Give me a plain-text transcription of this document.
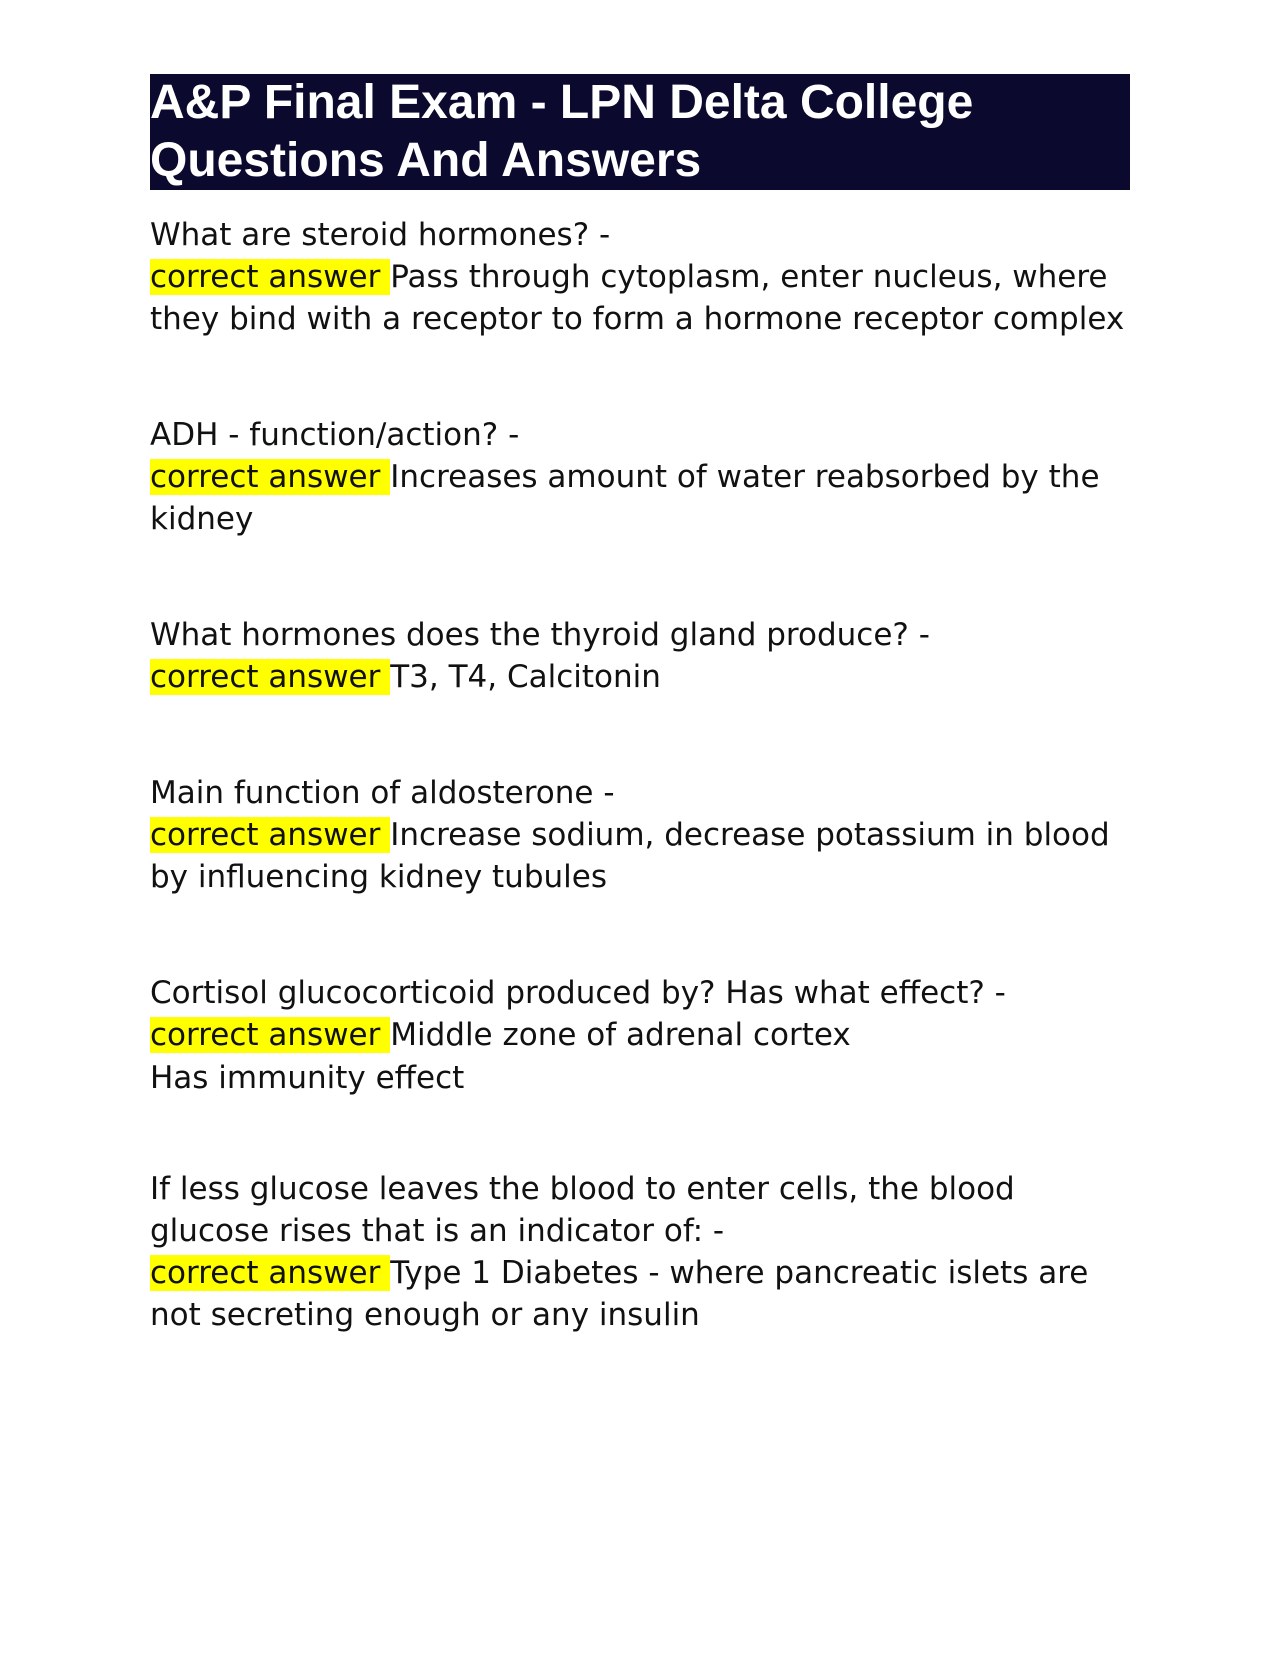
A&P Final Exam - LPN Delta College
Questions And Answers
What are steroid hormones? -
correct answer Pass through cytoplasm, enter nucleus, where they bind with a receptor to form a hormone receptor complex
ADH - function/action? -
correct answer Increases amount of water reabsorbed by the kidney
What hormones does the thyroid gland produce? -
correct answer T3, T4, Calcitonin
Main function of aldosterone -
correct answer Increase sodium, decrease potassium in blood by influencing kidney tubules
Cortisol glucocorticoid produced by? Has what effect? -
correct answer Middle zone of adrenal cortex
Has immunity effect
If less glucose leaves the blood to enter cells, the blood glucose rises that is an indicator of: -
correct answer Type 1 Diabetes - where pancreatic islets are not secreting enough or any insulin
